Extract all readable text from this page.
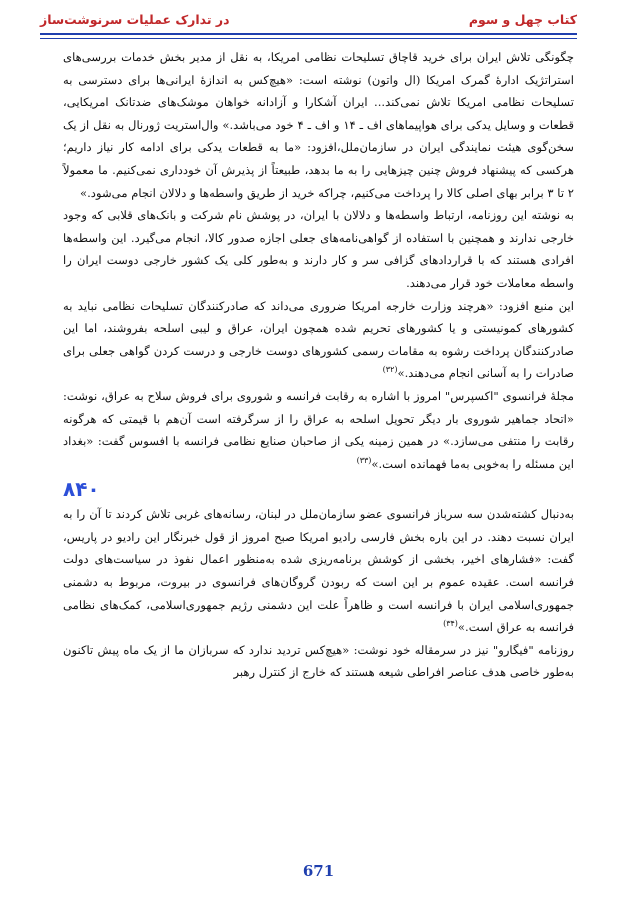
کتاب چهل و سوم
در تدارک عملیات سرنوشت‌ساز

چگونگی تلاش ایران برای خرید قاچاق تسلیحات نظامی امریکا، به نقل از مدیر بخش خدمات بررسی‌های استراتژیک ادارهٔ گمرک امریکا (ال واتون) نوشته است: «هیچ‌کس به اندازهٔ ایرانی‌ها برای دسترسی به تسلیحات نظامی امریکا تلاش نمی‌کند... ایران آشکارا و آزادانه خواهان موشک‌های ضدتانک امریکایی، قطعات و وسایل یدکی برای هواپیماهای اف ـ ۱۴ و اف ـ ۴ خود می‌باشد.» وال‌استریت ژورنال به نقل از یک سخن‌گوی هیئت نمایندگی ایران در سازمان‌ملل،افزود: «ما به قطعات یدکی برای ادامه کار نیاز داریم؛ هرکسی که پیشنهاد فروش چنین چیزهایی را به ما بدهد، طبیعتاً از پذیرش آن خودداری نمی‌کنیم. ما معمولاً ۲ تا ۳ برابر بهای اصلی کالا را پرداخت می‌کنیم، چراکه خرید از طریق واسطه‌ها و دلالان انجام می‌شود.»

به نوشته این روزنامه، ارتباط واسطه‌ها و دلالان با ایران، در پوشش نام شرکت و بانک‌های قلابی که وجود خارجی ندارند و همچنین با استفاده از گواهی‌نامه‌های جعلی اجازه صدور کالا، انجام می‌گیرد. این واسطه‌ها افرادی هستند که با قراردادهای گزافی سر و کار دارند و به‌طور کلی یک کشور خارجی دوست ایران را واسطه معاملات خود قرار می‌دهند.

این منبع افزود: «هرچند وزارت خارجه امریکا ضروری می‌داند که صادرکنندگان تسلیحات نظامی نباید به کشورهای کمونیستی و یا کشورهای تحریم شده همچون ایران، عراق و لیبی اسلحه بفروشند، اما این صادرکنندگان پرداخت رشوه به مقامات رسمی کشورهای دوست خارجی و درست کردن گواهی جعلی برای صادرات را به آسانی انجام می‌دهند.»$^{(۳۲)}$

مجلهٔ فرانسوی "اکسپرس" امروز با اشاره به رقابت فرانسه و شوروی برای فروش سلاح به عراق، نوشت: «اتحاد جماهیر شوروی بار دیگر تحویل اسلحه به عراق را از سرگرفته است آن‌هم با قیمتی که هرگونه رقابت را منتفی می‌سازد.» در همین زمینه یکی از صاحبان صنایع نظامی فرانسه با افسوس گفت: «بغداد این مسئله را به‌خوبی به‌ما فهمانده است.»$^{(۳۳)}$

۸۴۰

به‌دنبال کشته‌شدن سه سرباز فرانسوی عضو سازمان‌ملل در لبنان، رسانه‌های غربی تلاش کردند تا آن را به ایران نسبت دهند. در این باره بخش فارسی رادیو امریکا صبح امروز از قول خبرنگار این رادیو در پاریس، گفت: «فشارهای اخیر، بخشی از کوشش برنامه‌ریزی شده به‌منظور اعمال نفوذ در سیاست‌های دولت فرانسه است. عقیده عموم بر این است که ربودن گروگان‌های فرانسوی در بیروت، مربوط به دشمنی جمهوری‌اسلامی ایران با فرانسه است و ظاهراً علت این دشمنی رژیم جمهوری‌اسلامی، کمک‌های نظامی فرانسه به عراق است.»$^{(۳۴)}$

روزنامه "فیگارو" نیز در سرمقاله خود نوشت: «هیچ‌کس تردید ندارد که سربازان ما از یک ماه پیش تاکنون به‌طور خاصی هدف عناصر افراطی شیعه هستند که خارج از کنترل رهبر

671
